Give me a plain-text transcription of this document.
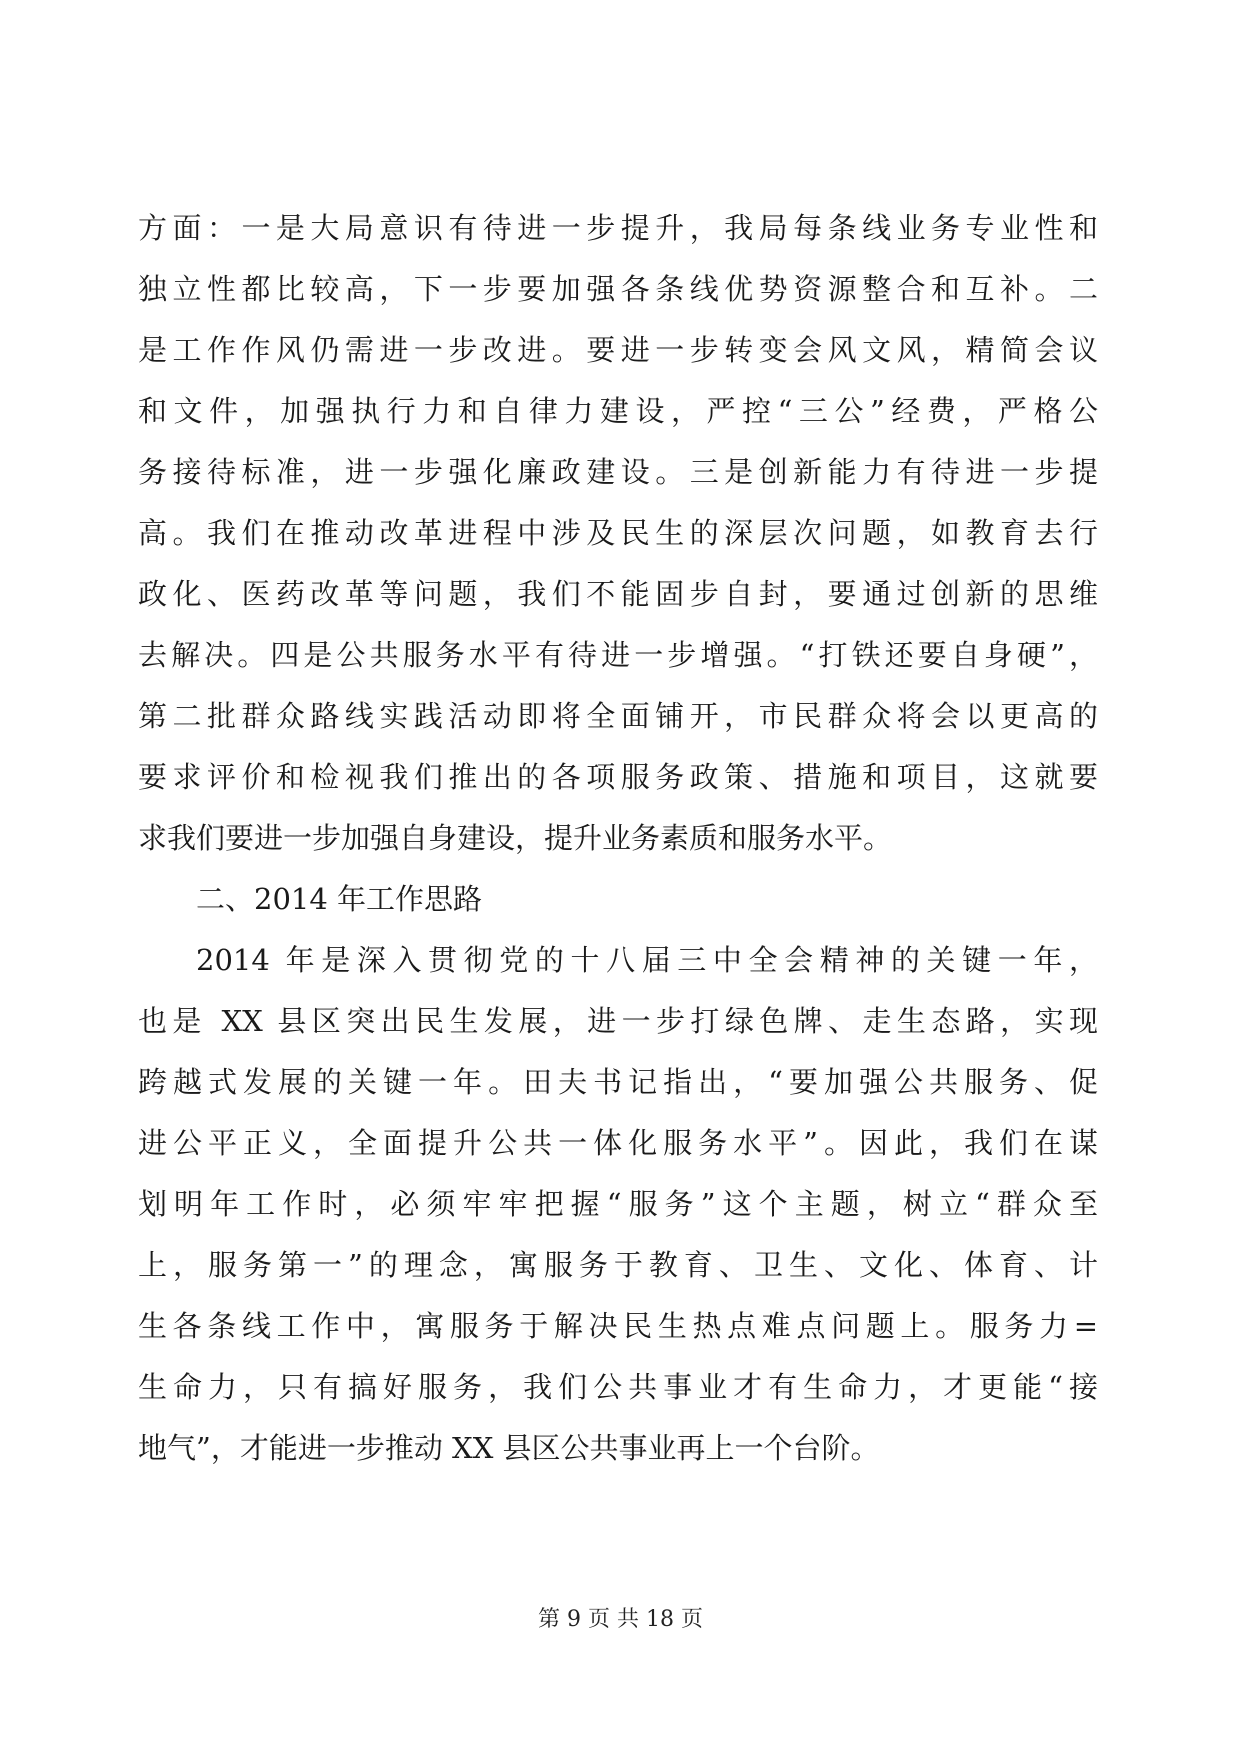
方面：一是大局意识有待进一步提升，我局每条线业务专业性和
独立性都比较高，下一步要加强各条线优势资源整合和互补。二
是工作作风仍需进一步改进。要进一步转变会风文风，精简会议
和文件，加强执行力和自律力建设，严控“三公”经费，严格公
务接待标准，进一步强化廉政建设。三是创新能力有待进一步提
高。我们在推动改革进程中涉及民生的深层次问题，如教育去行
政化、医药改革等问题，我们不能固步自封，要通过创新的思维
去解决。四是公共服务水平有待进一步增强。“打铁还要自身硬”，
第二批群众路线实践活动即将全面铺开，市民群众将会以更高的
要求评价和检视我们推出的各项服务政策、措施和项目，这就要
求我们要进一步加强自身建设，提升业务素质和服务水平。
二、2014 年工作思路
2014 年是深入贯彻党的十八届三中全会精神的关键一年，
也是 XX 县区突出民生发展，进一步打绿色牌、走生态路，实现
跨越式发展的关键一年。田夫书记指出，“要加强公共服务、促
进公平正义，全面提升公共一体化服务水平”。因此，我们在谋
划明年工作时，必须牢牢把握“服务”这个主题，树立“群众至
上，服务第一”的理念，寓服务于教育、卫生、文化、体育、计
生各条线工作中，寓服务于解决民生热点难点问题上。服务力=
生命力，只有搞好服务，我们公共事业才有生命力，才更能“接
地气”，才能进一步推动 XX 县区公共事业再上一个台阶。
第 9 页 共 18 页
